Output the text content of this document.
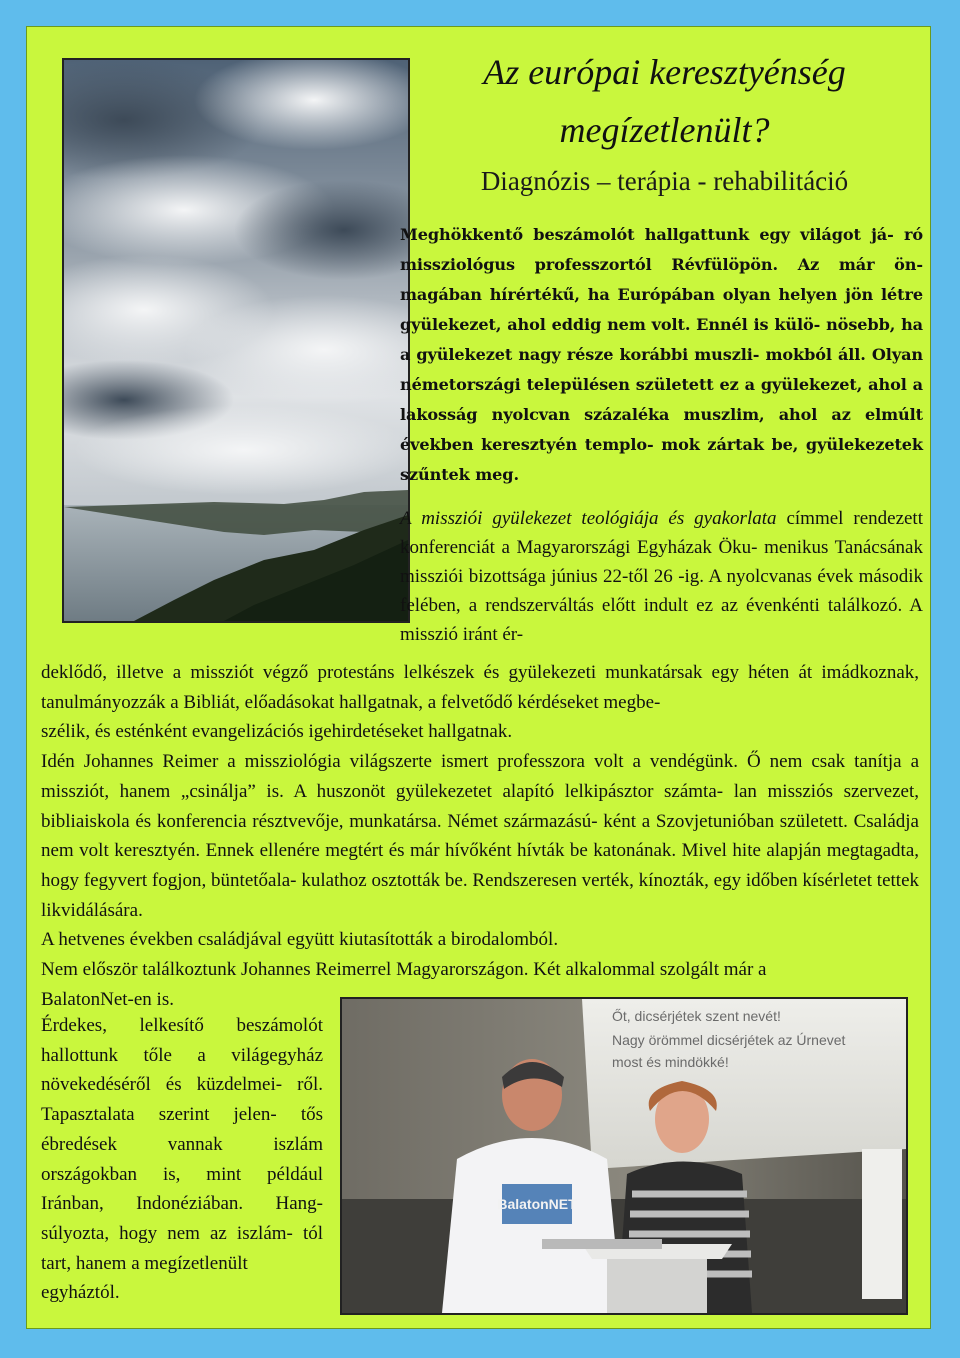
Az európai keresztyénség
megízetlenült?

Diagnózis – terápia - rehabilitáció

Meghökkentő beszámolót hallgattunk egy világot já- ró missziológus professzortól Révfülöpön. Az már ön- magában hírértékű, ha Európában olyan helyen jön létre gyülekezet, ahol eddig nem volt. Ennél is külö- nösebb, ha a gyülekezet nagy része korábbi muszli- mokból áll. Olyan németországi településen született ez a gyülekezet, ahol a lakosság nyolcvan százaléka muszlim, ahol az elmúlt években keresztyén templo- mok zártak be, gyülekezetek szűntek meg.

A missziói gyülekezet teológiája és gyakorlata címmel rendezett konferenciát a Magyarországi Egyházak Öku- menikus Tanácsának missziói bizottsága június 22-től 26 -ig. A nyolcvanas évek második felében, a rendszerváltás előtt indult ez az évenkénti találkozó. A misszió iránt ér-

deklődő, illetve a missziót végző protestáns lelkészek és gyülekezeti munkatársak egy héten át imádkoznak, tanulmányozzák a Bibliát, előadásokat hallgatnak, a felvetődő kérdéseket megbe-
szélik, és esténként evangelizációs igehirdetéseket hallgatnak.
Idén Johannes Reimer a missziológia világszerte ismert professzora volt a vendégünk. Ő nem csak tanítja a missziót, hanem „csinálja” is. A huszonöt gyülekezetet alapító lelkipásztor számta- lan missziós szervezet, bibliaiskola és konferencia résztvevője, munkatársa. Német származású- ként a Szovjetunióban született. Családja nem volt keresztyén. Ennek ellenére megtért és már hívőként hívták be katonának. Mivel hite alapján megtagadta, hogy fegyvert fogjon, büntetőala- kulathoz osztották be. Rendszeresen verték, kínozták, egy időben kísérletet tettek likvidálására.
A hetvenes években családjával együtt kiutasították a birodalomból.
Nem először találkoztunk Johannes Reimerrel Magyarországon. Két alkalommal szolgált már a
BalatonNet-en is.

Érdekes, lelkesítő beszámolót hallottunk tőle a világegyház növekedéséről és küzdelmei- ről. Tapasztalata szerint jelen- tős ébredések vannak iszlám országokban is, mint például Iránban, Indonéziában. Hang- súlyozta, hogy nem az iszlám- tól tart, hanem a megízetlenült
egyháztól.

Őt, dicsérjétek szent nevét!
Nagy örömmel dicsérjétek az Úrnevet
most és mindökké!
BalatonNET
